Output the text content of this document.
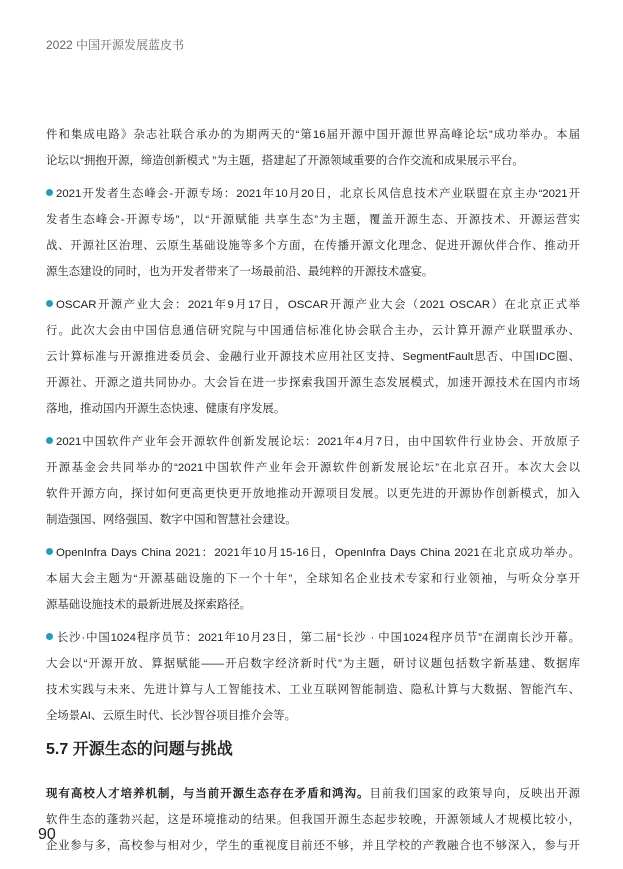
2022 中国开源发展蓝皮书
件和集成电路》杂志社联合承办的为期两天的“第16届开源中国开源世界高峰论坛”成功举办。本届
论坛以“拥抱开源，缔造创新模式 ”为主题，搭建起了开源领域重要的合作交流和成果展示平台。
2021开发者生态峰会-开源专场：2021年10月20日，北京长风信息技术产业联盟在京主办“2021开
发者生态峰会-开源专场”，以“开源赋能 共享生态”为主题，覆盖开源生态、开源技术、开源运营实
战、开源社区治理、云原生基础设施等多个方面，在传播开源文化理念、促进开源伙伴合作、推动开
源生态建设的同时，也为开发者带来了一场最前沿、最纯粹的开源技术盛宴。
OSCAR开源产业大会：2021年9月17日，OSCAR开源产业大会（2021 OSCAR）在北京正式举
行。此次大会由中国信息通信研究院与中国通信标准化协会联合主办，云计算开源产业联盟承办、
云计算标准与开源推进委员会、金融行业开源技术应用社区支持、SegmentFault思否、中国IDC圈、
开源社、开源之道共同协办。大会旨在进一步探索我国开源生态发展模式，加速开源技术在国内市场
落地，推动国内开源生态快速、健康有序发展。
2021中国软件产业年会开源软件创新发展论坛：2021年4月7日，由中国软件行业协会、开放原子
开源基金会共同举办的“2021中国软件产业年会开源软件创新发展论坛”在北京召开。本次大会以
软件开源方向，探讨如何更高更快更开放地推动开源项目发展。以更先进的开源协作创新模式，加入
制造强国、网络强国、数字中国和智慧社会建设。
OpenInfra Days China 2021：2021年10月15-16日，OpenInfra Days China 2021在北京成功举办。
本届大会主题为“开源基础设施的下一个十年”，全球知名企业技术专家和行业领袖，与听众分享开
源基础设施技术的最新进展及探索路径。
长沙·中国1024程序员节：2021年10月23日，第二届“长沙 · 中国1024程序员节”在湖南长沙开幕。
大会以“开源开放、算据赋能——开启数字经济新时代”为主题，研讨议题包括数字新基建、数据库
技术实践与未来、先进计算与人工智能技术、工业互联网智能制造、隐私计算与大数据、智能汽车、
全场景AI、云原生时代、长沙智谷项目推介会等。
5.7 开源生态的问题与挑战
现有高校人才培养机制，与当前开源生态存在矛盾和鸿沟。目前我们国家的政策导向，反映出开源
软件生态的蓬勃兴起，这是环境推动的结果。但我国开源生态起步较晚，开源领域人才规模比较小，
企业参与多，高校参与相对少，学生的重视度目前还不够，并且学校的产教融合也不够深入，参与开
90
